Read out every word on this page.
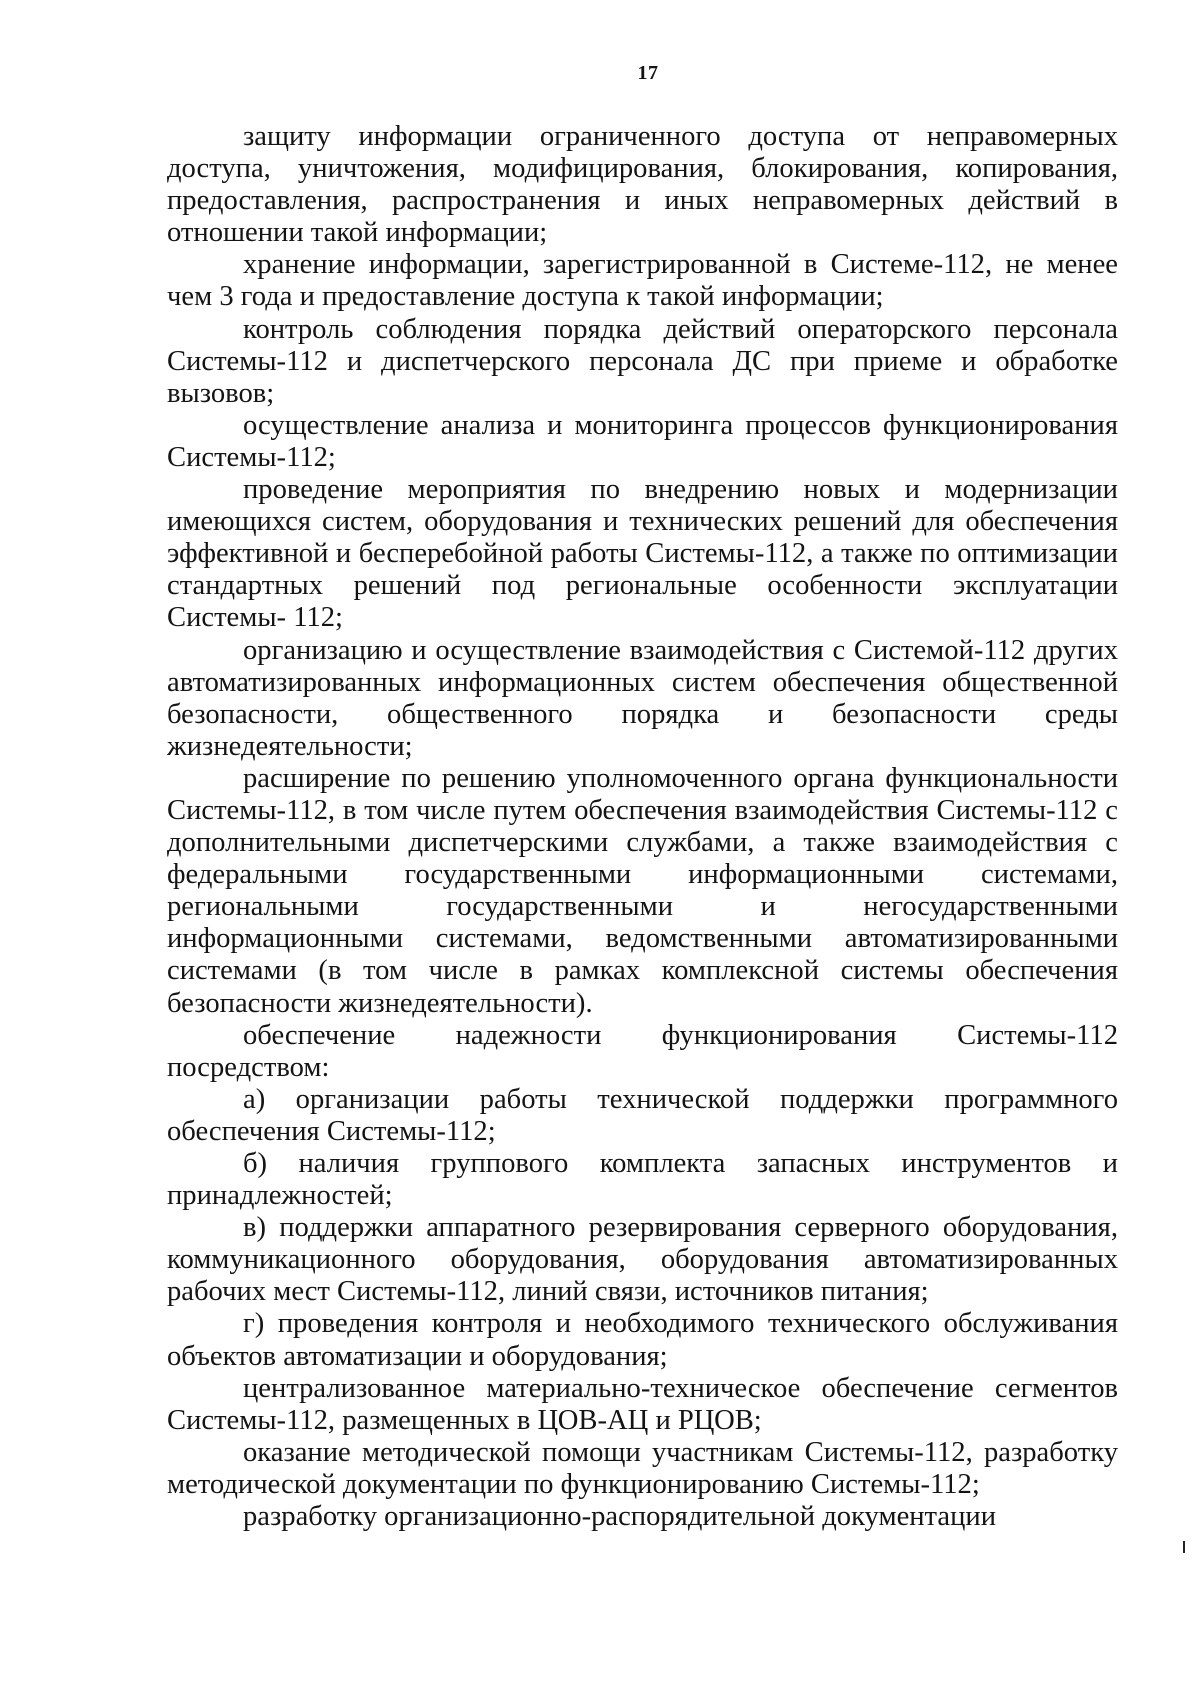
17

защиту информации ограниченного доступа от неправомерных доступа, уничтожения, модифицирования, блокирования, копирования, предоставления, распространения и иных неправомерных действий в отношении такой информации;

хранение информации, зарегистрированной в Системе-112, не менее чем 3 года и предоставление доступа к такой информации;

контроль соблюдения порядка действий операторского персонала Системы-112 и диспетчерского персонала ДС при приеме и обработке вызовов;

осуществление анализа и мониторинга процессов функционирования Системы-112;

проведение мероприятия по внедрению новых и модернизации имеющихся систем, оборудования и технических решений для обеспечения эффективной и бесперебойной работы Системы-112, а также по оптимизации стандартных решений под региональные особенности эксплуатации Системы- 112;

организацию и осуществление взаимодействия с Системой-112 других автоматизированных информационных систем обеспечения общественной безопасности, общественного порядка и безопасности среды жизнедеятельности;

расширение по решению уполномоченного органа функциональности Системы-112, в том числе путем обеспечения взаимодействия Системы-112 с дополнительными диспетчерскими службами, а также взаимодействия с федеральными государственными информационными системами, региональными государственными и негосударственными информационными системами, ведомственными автоматизированными системами (в том числе в рамках комплексной системы обеспечения безопасности жизнедеятельности).

обеспечение надежности функционирования Системы-112 посредством:

а) организации работы технической поддержки программного обеспечения Системы-112;

б) наличия группового комплекта запасных инструментов и принадлежностей;

в) поддержки аппаратного резервирования серверного оборудования, коммуникационного оборудования, оборудования автоматизированных рабочих мест Системы-112, линий связи, источников питания;

г) проведения контроля и необходимого технического обслуживания объектов автоматизации и оборудования;

централизованное материально-техническое обеспечение сегментов Системы-112, размещенных в ЦОВ-АЦ и РЦОВ;

оказание методической помощи участникам Системы-112, разработку методической документации по функционированию Системы-112;

разработку организационно-распорядительной документации
